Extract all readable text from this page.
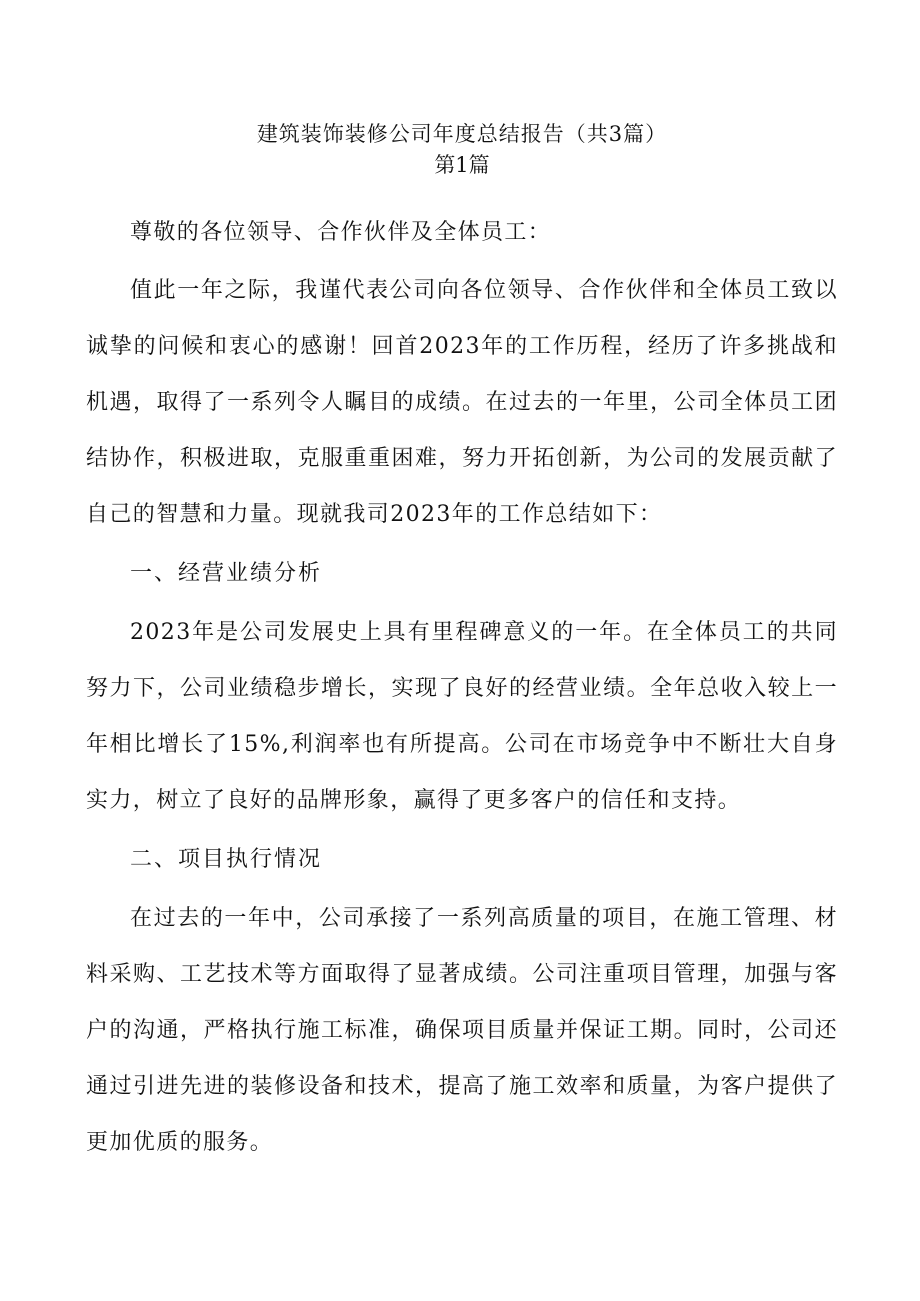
建筑装饰装修公司年度总结报告（共3篇）
第1篇

尊敬的各位领导、合作伙伴及全体员工：

值此一年之际，我谨代表公司向各位领导、合作伙伴和全体员工致以诚挚的问候和衷心的感谢！回首2023年的工作历程，经历了许多挑战和机遇，取得了一系列令人瞩目的成绩。在过去的一年里，公司全体员工团结协作，积极进取，克服重重困难，努力开拓创新，为公司的发展贡献了自己的智慧和力量。现就我司2023年的工作总结如下：

一、经营业绩分析

2023年是公司发展史上具有里程碑意义的一年。在全体员工的共同努力下，公司业绩稳步增长，实现了良好的经营业绩。全年总收入较上一年相比增长了15%,利润率也有所提高。公司在市场竞争中不断壮大自身实力，树立了良好的品牌形象，赢得了更多客户的信任和支持。

二、项目执行情况

在过去的一年中，公司承接了一系列高质量的项目，在施工管理、材料采购、工艺技术等方面取得了显著成绩。公司注重项目管理，加强与客户的沟通，严格执行施工标准，确保项目质量并保证工期。同时，公司还通过引进先进的装修设备和技术，提高了施工效率和质量，为客户提供了更加优质的服务。
